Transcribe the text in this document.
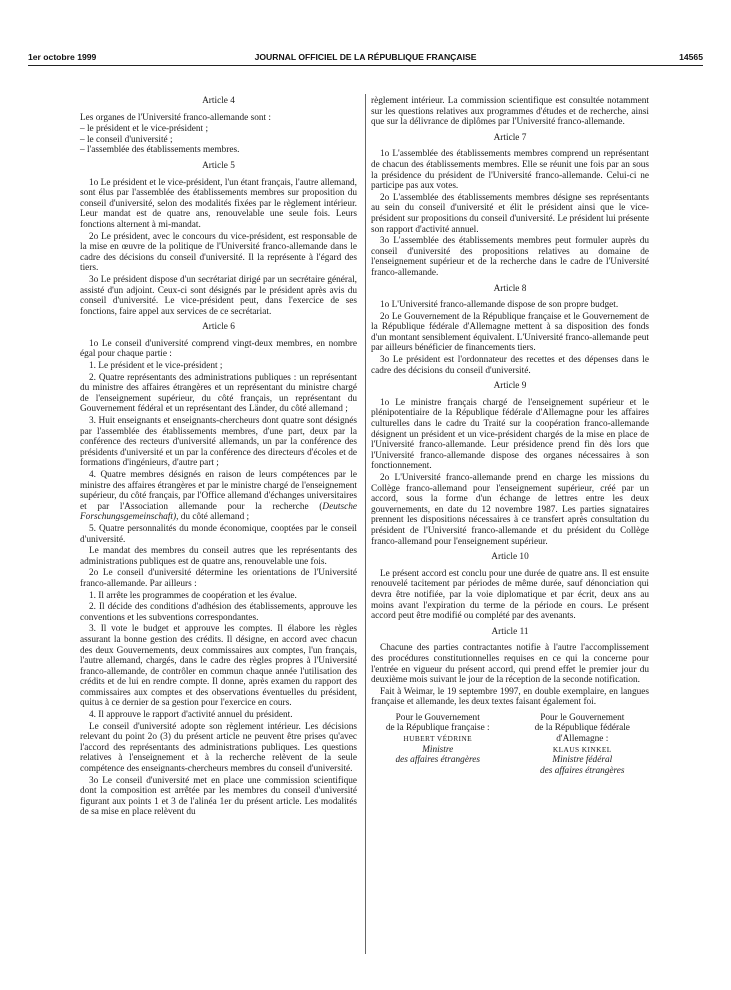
1er octobre 1999	JOURNAL OFFICIEL DE LA RÉPUBLIQUE FRANÇAISE	14565
Article 4

Les organes de l'Université franco-allemande sont :

– le président et le vice-président ;
– le conseil d'université ;
– l'assemblée des établissements membres.
Article 5

1o Le président et le vice-président, l'un étant français, l'autre allemand, sont élus par l'assemblée des établissements membres sur proposition du conseil d'université, selon des modalités fixées par le règlement intérieur. Leur mandat est de quatre ans, renouvelable une seule fois. Leurs fonctions alternent à mi-mandat.

2o Le président, avec le concours du vice-président, est responsable de la mise en œuvre de la politique de l'Université franco-allemande dans le cadre des décisions du conseil d'université. Il la représente à l'égard des tiers.

3o Le président dispose d'un secrétariat dirigé par un secrétaire général, assisté d'un adjoint. Ceux-ci sont désignés par le président après avis du conseil d'université. Le vice-président peut, dans l'exercice de ses fonctions, faire appel aux services de ce secrétariat.

Article 6

1o Le conseil d'université comprend vingt-deux membres, en nombre égal pour chaque partie :

1. Le président et le vice-président ;

2. Quatre représentants des administrations publiques : un représentant du ministre des affaires étrangères et un représentant du ministre chargé de l'enseignement supérieur, du côté français, un représentant du Gouvernement fédéral et un représentant des Länder, du côté allemand ;

3. Huit enseignants et enseignants-chercheurs dont quatre sont désignés par l'assemblée des établissements membres, d'une part, deux par la conférence des recteurs d'université allemands, un par la conférence des présidents d'université et un par la conférence des directeurs d'écoles et de formations d'ingénieurs, d'autre part ;

4. Quatre membres désignés en raison de leurs compétences par le ministre des affaires étrangères et par le ministre chargé de l'enseignement supérieur, du côté français, par l'Office allemand d'échanges universitaires et par l'Association allemande pour la recherche (Deutsche Forschungsgemeinschaft), du côté allemand ;

5. Quatre personnalités du monde économique, cooptées par le conseil d'université.

Le mandat des membres du conseil autres que les représentants des administrations publiques est de quatre ans, renouvelable une fois.

2o Le conseil d'université détermine les orientations de l'Université franco-allemande. Par ailleurs :

1. Il arrête les programmes de coopération et les évalue.

2. Il décide des conditions d'adhésion des établissements, approuve les conventions et les subventions correspondantes.

3. Il vote le budget et approuve les comptes. Il élabore les règles assurant la bonne gestion des crédits. Il désigne, en accord avec chacun des deux Gouvernements, deux commissaires aux comptes, l'un français, l'autre allemand, chargés, dans le cadre des règles propres à l'Université franco-allemande, de contrôler en commun chaque année l'utilisation des crédits et de lui en rendre compte. Il donne, après examen du rapport des commissaires aux comptes et des observations éventuelles du président, quitus à ce dernier de sa gestion pour l'exercice en cours.

4. Il approuve le rapport d'activité annuel du président.

Le conseil d'université adopte son règlement intérieur. Les décisions relevant du point 2o (3) du présent article ne peuvent être prises qu'avec l'accord des représentants des administrations publiques. Les questions relatives à l'enseignement et à la recherche relèvent de la seule compétence des enseignants-chercheurs membres du conseil d'université.

3o Le conseil d'université met en place une commission scientifique dont la composition est arrêtée par les membres du conseil d'université figurant aux points 1 et 3 de l'alinéa 1er du présent article. Les modalités de sa mise en place relèvent du

règlement intérieur. La commission scientifique est consultée notamment sur les questions relatives aux programmes d'études et de recherche, ainsi que sur la délivrance de diplômes par l'Université franco-allemande.

Article 7

1o L'assemblée des établissements membres comprend un représentant de chacun des établissements membres. Elle se réunit une fois par an sous la présidence du président de l'Université franco-allemande. Celui-ci ne participe pas aux votes.

2o L'assemblée des établissements membres désigne ses représentants au sein du conseil d'université et élit le président ainsi que le vice-président sur propositions du conseil d'université. Le président lui présente son rapport d'activité annuel.

3o L'assemblée des établissements membres peut formuler auprès du conseil d'université des propositions relatives au domaine de l'enseignement supérieur et de la recherche dans le cadre de l'Université franco-allemande.

Article 8

1o L'Université franco-allemande dispose de son propre budget.

2o Le Gouvernement de la République française et le Gouvernement de la République fédérale d'Allemagne mettent à sa disposition des fonds d'un montant sensiblement équivalent. L'Université franco-allemande peut par ailleurs bénéficier de financements tiers.

3o Le président est l'ordonnateur des recettes et des dépenses dans le cadre des décisions du conseil d'université.

Article 9

1o Le ministre français chargé de l'enseignement supérieur et le plénipotentiaire de la République fédérale d'Allemagne pour les affaires culturelles dans le cadre du Traité sur la coopération franco-allemande désignent un président et un vice-président chargés de la mise en place de l'Université franco-allemande. Leur présidence prend fin dès lors que l'Université franco-allemande dispose des organes nécessaires à son fonctionnement.

2o L'Université franco-allemande prend en charge les missions du Collège franco-allemand pour l'enseignement supérieur, créé par un accord, sous la forme d'un échange de lettres entre les deux gouvernements, en date du 12 novembre 1987. Les parties signataires prennent les dispositions nécessaires à ce transfert après consultation du président de l'Université franco-allemande et du président du Collège franco-allemand pour l'enseignement supérieur.

Article 10

Le présent accord est conclu pour une durée de quatre ans. Il est ensuite renouvelé tacitement par périodes de même durée, sauf dénonciation qui devra être notifiée, par la voie diplomatique et par écrit, deux ans au moins avant l'expiration du terme de la période en cours. Le présent accord peut être modifié ou complété par des avenants.

Article 11

Chacune des parties contractantes notifie à l'autre l'accomplissement des procédures constitutionnelles requises en ce qui la concerne pour l'entrée en vigueur du présent accord, qui prend effet le premier jour du deuxième mois suivant le jour de la réception de la seconde notification.

Fait à Weimar, le 19 septembre 1997, en double exemplaire, en langues française et allemande, les deux textes faisant également foi.

Pour le Gouvernement
de la République française :
HUBERT VÉDRINE
Ministre
des affaires étrangères
Pour le Gouvernement
de la République fédérale
d'Allemagne :
KLAUS KINKEL
Ministre fédéral
des affaires étrangères
